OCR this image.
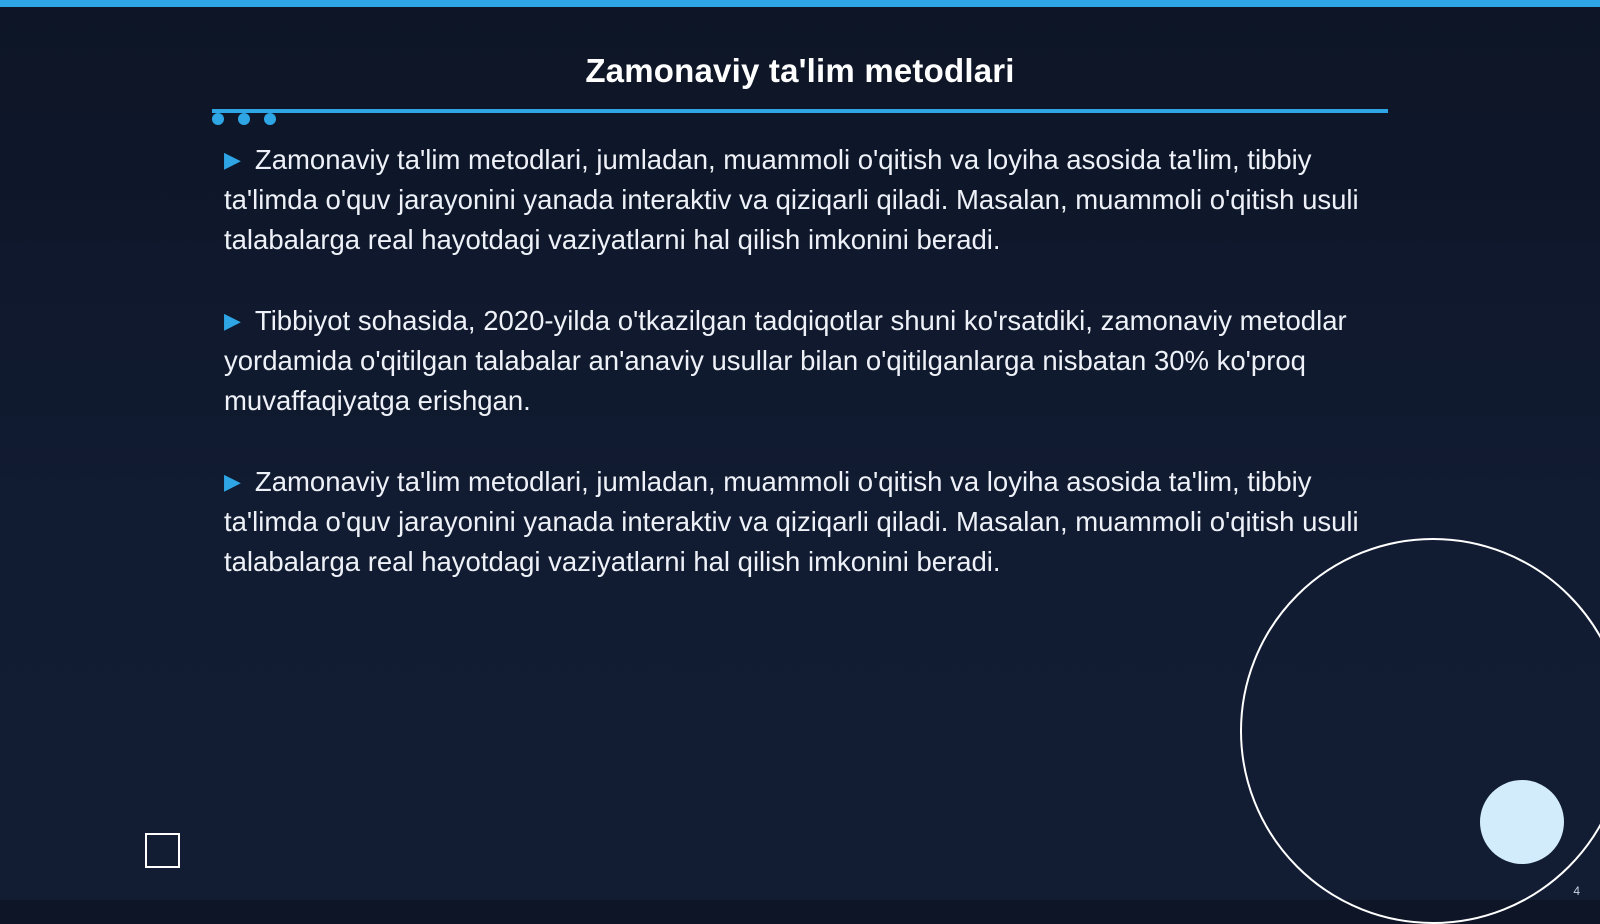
Zamonaviy ta'lim metodlari
▶ Zamonaviy ta'lim metodlari, jumladan, muammoli o'qitish va loyiha asosida ta'lim, tibbiy ta'limda o'quv jarayonini yanada interaktiv va qiziqarli qiladi. Masalan, muammoli o'qitish usuli talabalarga real hayotdagi vaziyatlarni hal qilish imkonini beradi.
▶ Tibbiyot sohasida, 2020-yilda o'tkazilgan tadqiqotlar shuni ko'rsatdiki, zamonaviy metodlar yordamida o'qitilgan talabalar an'anaviy usullar bilan o'qitilganlarga nisbatan 30% ko'proq muvaffaqiyatga erishgan.
▶ Zamonaviy ta'lim metodlari, jumladan, muammoli o'qitish va loyiha asosida ta'lim, tibbiy ta'limda o'quv jarayonini yanada interaktiv va qiziqarli qiladi. Masalan, muammoli o'qitish usuli talabalarga real hayotdagi vaziyatlarni hal qilish imkonini beradi.
4
